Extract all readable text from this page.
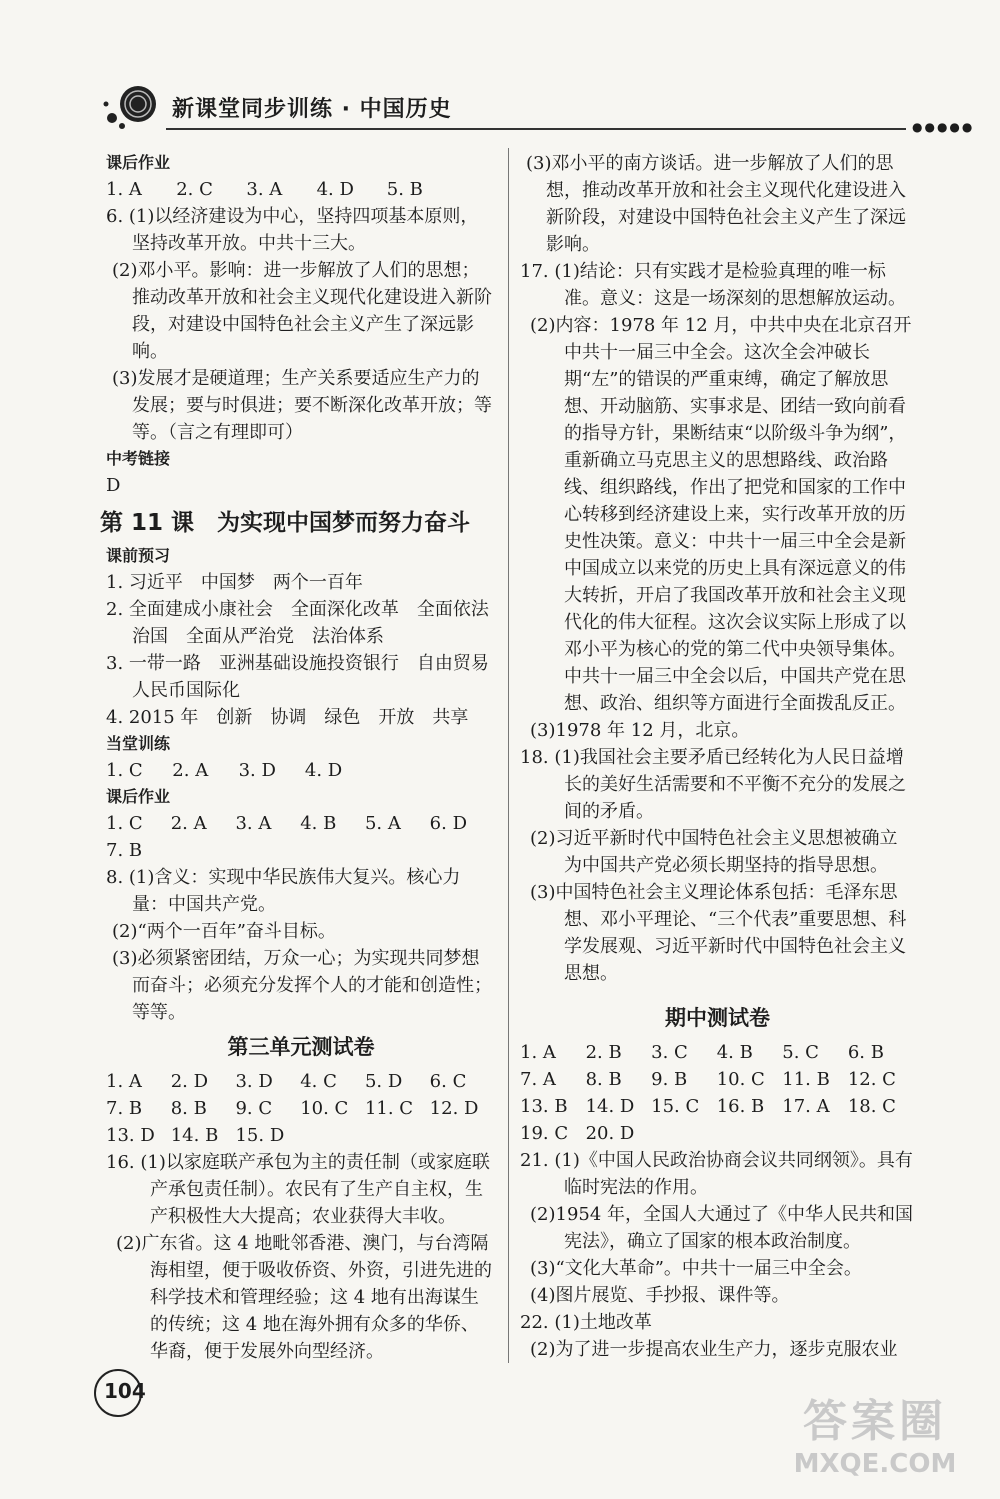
新课堂同步训练 · 中国历史
●●●●●

课后作业

1. A	2. C	3. A	4. D	5. B

6. (1)以经济建设为中心，坚持四项基本原则，坚持改革开放。中共十三大。

(2)邓小平。影响：进一步解放了人们的思想；推动改革开放和社会主义现代化建设进入新阶段，对建设中国特色社会主义产生了深远影响。

(3)发展才是硬道理；生产关系要适应生产力的发展；要与时俱进；要不断深化改革开放；等等。（言之有理即可）

中考链接

D

第 11 课　为实现中国梦而努力奋斗

课前预习

1. 习近平　中国梦　两个一百年

2. 全面建成小康社会　全面深化改革　全面依法治国　全面从严治党　法治体系

3. 一带一路　亚洲基础设施投资银行　自由贸易　人民币国际化

4. 2015 年　创新　协调　绿色　开放　共享

当堂训练

1. C	2. A	3. D	4. D

课后作业

1. C	2. A	3. A	4. B	5. A	6. D
7. B

8. (1)含义：实现中华民族伟大复兴。核心力量：中国共产党。

(2)“两个一百年”奋斗目标。

(3)必须紧密团结，万众一心；为实现共同梦想而奋斗；必须充分发挥个人的才能和创造性；等等。

第三单元测试卷

1. A	2. D	3. D	4. C	5. D	6. C
7. B	8. B	9. C	10. C 11. C 12. D
13. D 14. B 15. D

16. (1)以家庭联产承包为主的责任制（或家庭联产承包责任制）。农民有了生产自主权，生产积极性大大提高；农业获得大丰收。

(2)广东省。这 4 地毗邻香港、澳门，与台湾隔海相望，便于吸收侨资、外资，引进先进的科学技术和管理经验；这 4 地有出海谋生的传统；这 4 地在海外拥有众多的华侨、华裔，便于发展外向型经济。

(3)邓小平的南方谈话。进一步解放了人们的思想，推动改革开放和社会主义现代化建设进入新阶段，对建设中国特色社会主义产生了深远影响。

17. (1)结论：只有实践才是检验真理的唯一标准。意义：这是一场深刻的思想解放运动。

(2)内容：1978 年 12 月，中共中央在北京召开中共十一届三中全会。这次全会冲破长期“左”的错误的严重束缚，确定了解放思想、开动脑筋、实事求是、团结一致向前看的指导方针，果断结束“以阶级斗争为纲”，重新确立马克思主义的思想路线、政治路线、组织路线，作出了把党和国家的工作中心转移到经济建设上来，实行改革开放的历史性决策。意义：中共十一届三中全会是新中国成立以来党的历史上具有深远意义的伟大转折，开启了我国改革开放和社会主义现代化的伟大征程。这次会议实际上形成了以邓小平为核心的党的第二代中央领导集体。中共十一届三中全会以后，中国共产党在思想、政治、组织等方面进行全面拨乱反正。

(3)1978 年 12 月，北京。

18. (1)我国社会主要矛盾已经转化为人民日益增长的美好生活需要和不平衡不充分的发展之间的矛盾。

(2)习近平新时代中国特色社会主义思想被确立为中国共产党必须长期坚持的指导思想。

(3)中国特色社会主义理论体系包括：毛泽东思想、邓小平理论、“三个代表”重要思想、科学发展观、习近平新时代中国特色社会主义思想。

期中测试卷

1. A	2. B	3. C	4. B	5. C	6. B
7. A	8. B	9. B	10. C 11. B 12. C
13. B 14. D 15. C 16. B 17. A	18. C
19. C 20. D

21. (1)《中国人民政治协商会议共同纲领》。具有临时宪法的作用。

(2)1954 年，全国人大通过了《中华人民共和国宪法》，确立了国家的根本政治制度。

(3)“文化大革命”。中共十一届三中全会。

(4)图片展览、手抄报、课件等。

22. (1)土地改革

(2)为了进一步提高农业生产力，逐步克服农业

104
答案圈
MXQE.COM
